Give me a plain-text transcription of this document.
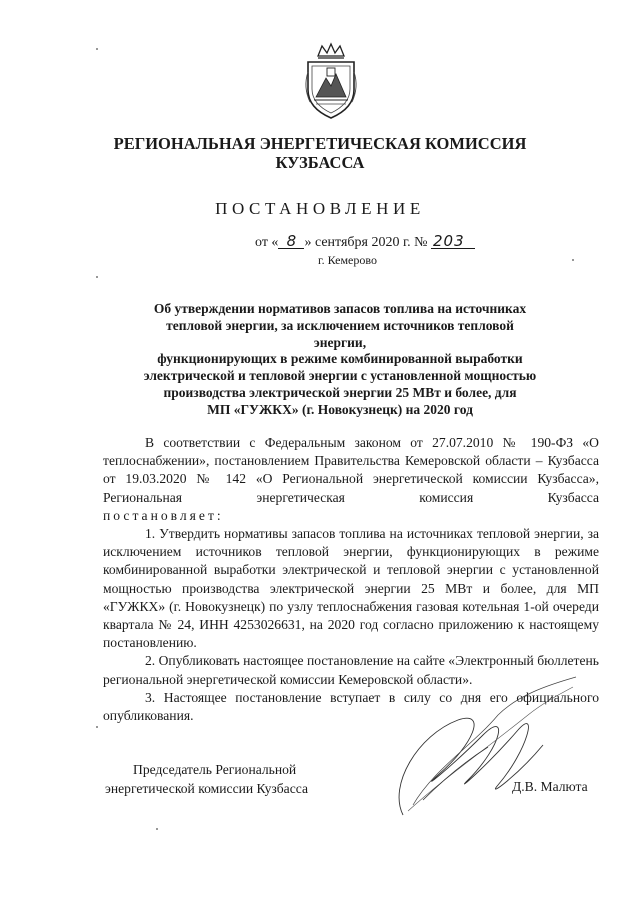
РЕГИОНАЛЬНАЯ ЭНЕРГЕТИЧЕСКАЯ КОМИССИЯ
КУЗБАССА
ПОСТАНОВЛЕНИЕ
от « 8 » сентября 2020 г. № 203
г. Кемерово
Об утверждении нормативов запасов топлива на источниках
тепловой энергии, за исключением источников тепловой энергии,
функционирующих в режиме комбинированной выработки
электрической и тепловой энергии с установленной мощностью
производства электрической энергии 25 МВт и более, для
МП «ГУЖКХ» (г. Новокузнецк) на 2020 год

В соответствии с Федеральным законом от 27.07.2010 № 190-ФЗ «О теплоснабжении», постановлением Правительства Кемеровской области – Кузбасса от 19.03.2020 № 142 «О Региональной энергетической комиссии Кузбасса», Региональная энергетическая комиссия Кузбасса

постановляет:

1. Утвердить нормативы запасов топлива на источниках тепловой энергии, за исключением источников тепловой энергии, функционирующих в режиме комбинированной выработки электрической и тепловой энергии с установленной мощностью производства электрической энергии 25 МВт и более, для МП «ГУЖКХ» (г. Новокузнецк) по узлу теплоснабжения газовая котельная 1-ой очереди квартала № 24, ИНН 4253026631, на 2020 год согласно приложению к настоящему постановлению.

2. Опубликовать настоящее постановление на сайте «Электронный бюллетень региональной энергетической комиссии Кемеровской области».

3. Настоящее постановление вступает в силу со дня его официального опубликования.

Председатель Региональной
энергетической комиссии Кузбасса	Д.В. Малюта
